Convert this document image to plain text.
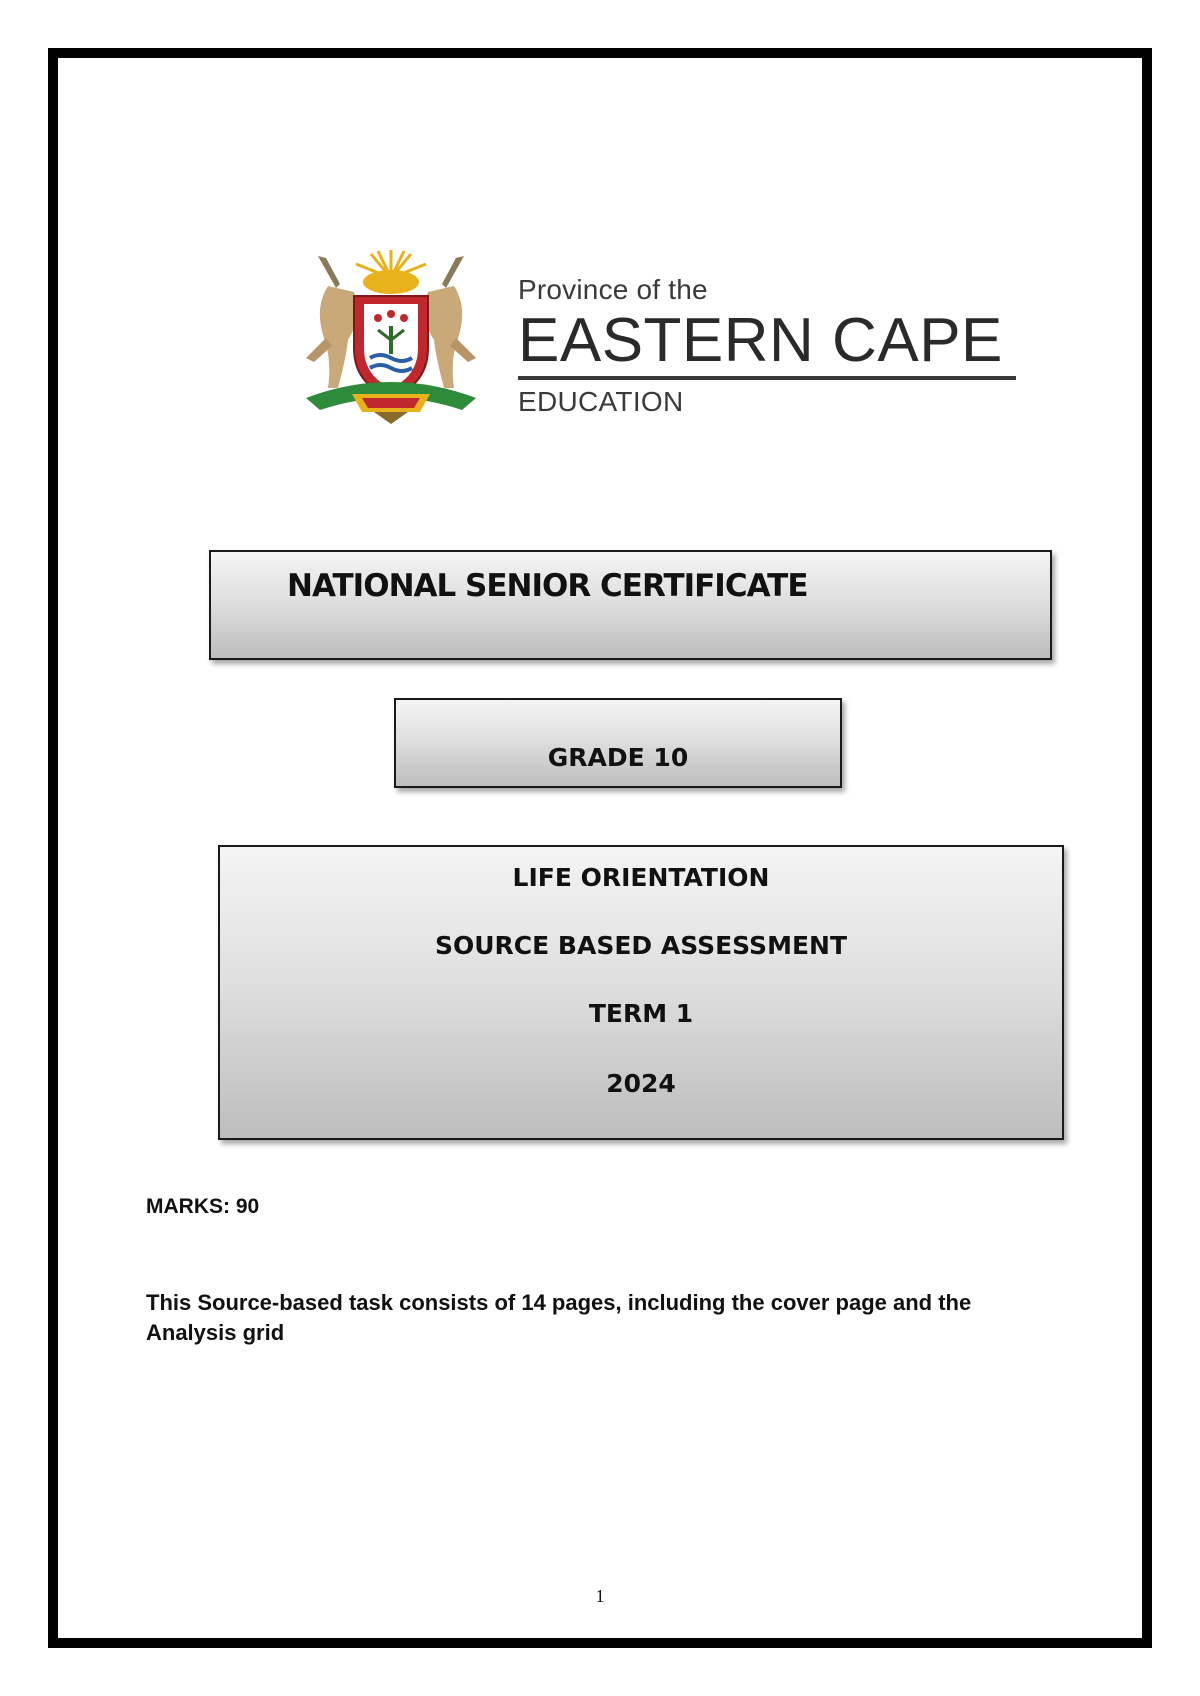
Province of the
EASTERN CAPE
EDUCATION
NATIONAL SENIOR CERTIFICATE
GRADE 10
LIFE ORIENTATION
SOURCE BASED ASSESSMENT
TERM 1
2024
MARKS: 90
This Source-based task consists of 14 pages, including the cover page and the Analysis grid
1
